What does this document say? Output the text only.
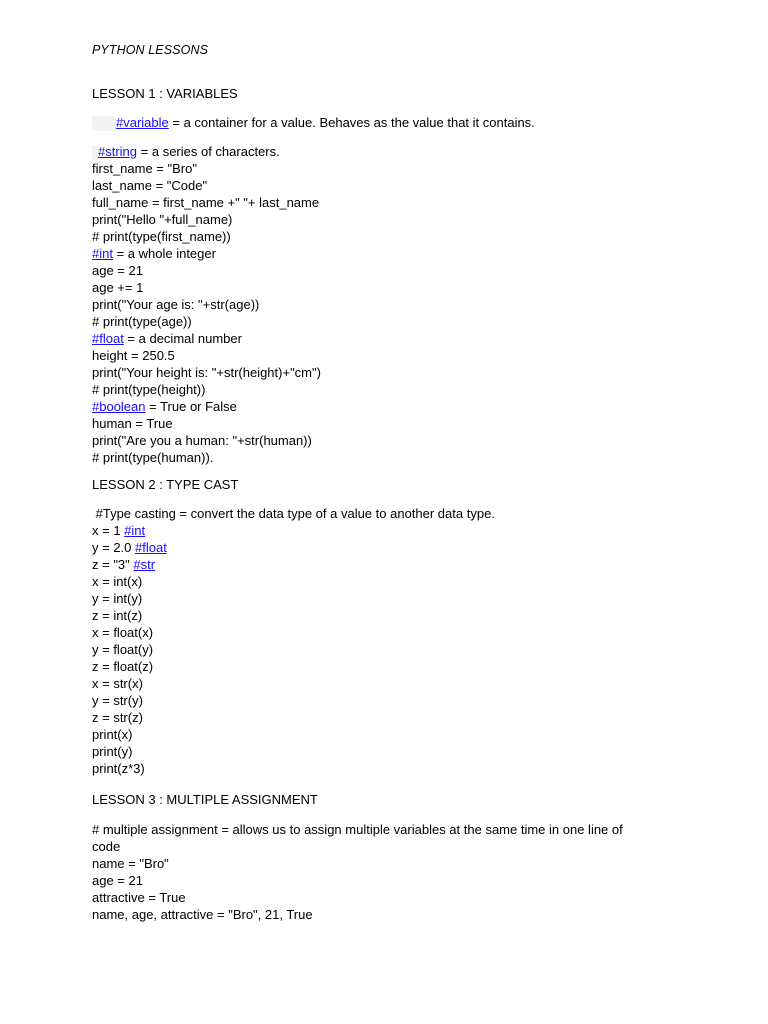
PYTHON LESSONS

LESSON 1 : VARIABLES

#variable = a container for a value. Behaves as the value that it contains.

#string = a series of characters.

first_name = "Bro"

last_name = "Code"

full_name = first_name +" "+ last_name

print("Hello "+full_name)

# print(type(first_name))

#int = a whole integer

age = 21

age += 1

print("Your age is: "+str(age))

# print(type(age))

#float = a decimal number

height = 250.5

print("Your height is: "+str(height)+"cm")

# print(type(height))

#boolean = True or False

human = True

print("Are you a human: "+str(human))

# print(type(human)).

LESSON 2 : TYPE CAST

#Type casting = convert the data type of a value to another data type.

x = 1 #int

y = 2.0 #float

z = "3" #str

x = int(x)

y = int(y)

z = int(z)

x = float(x)

y = float(y)

z = float(z)

x = str(x)

y = str(y)

z = str(z)

print(x)

print(y)

print(z*3)

LESSON 3 : MULTIPLE ASSIGNMENT

# multiple assignment = allows us to assign multiple variables at the same time in one line of code

name = "Bro"

age = 21

attractive = True

name, age, attractive = "Bro", 21, True
